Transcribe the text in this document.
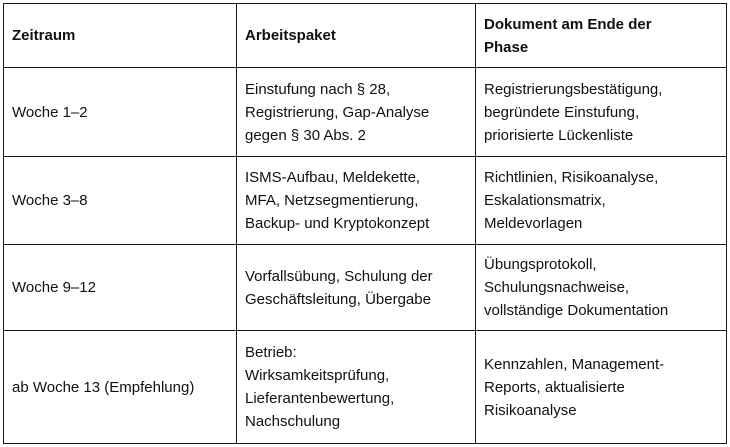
Zeitraum	Arbeitspaket	Dokument am Ende der
Phase

Woche 1–2	Einstufung nach § 28,
Registrierung, Gap-Analyse
gegen § 30 Abs. 2	Registrierungsbestätigung,
begründete Einstufung,
priorisierte Lückenliste

Woche 3–8	ISMS-Aufbau, Meldekette,
MFA, Netzsegmentierung,
Backup- und Kryptokonzept	Richtlinien, Risikoanalyse,
Eskalationsmatrix,
Meldevorlagen

Woche 9–12	Vorfallsübung, Schulung der
Geschäftsleitung, Übergabe	Übungsprotokoll,
Schulungsnachweise,
vollständige Dokumentation

ab Woche 13 (Empfehlung)	Betrieb:
Wirksamkeitsprüfung,
Lieferantenbewertung,
Nachschulung	Kennzahlen, Management-
Reports, aktualisierte
Risikoanalyse
